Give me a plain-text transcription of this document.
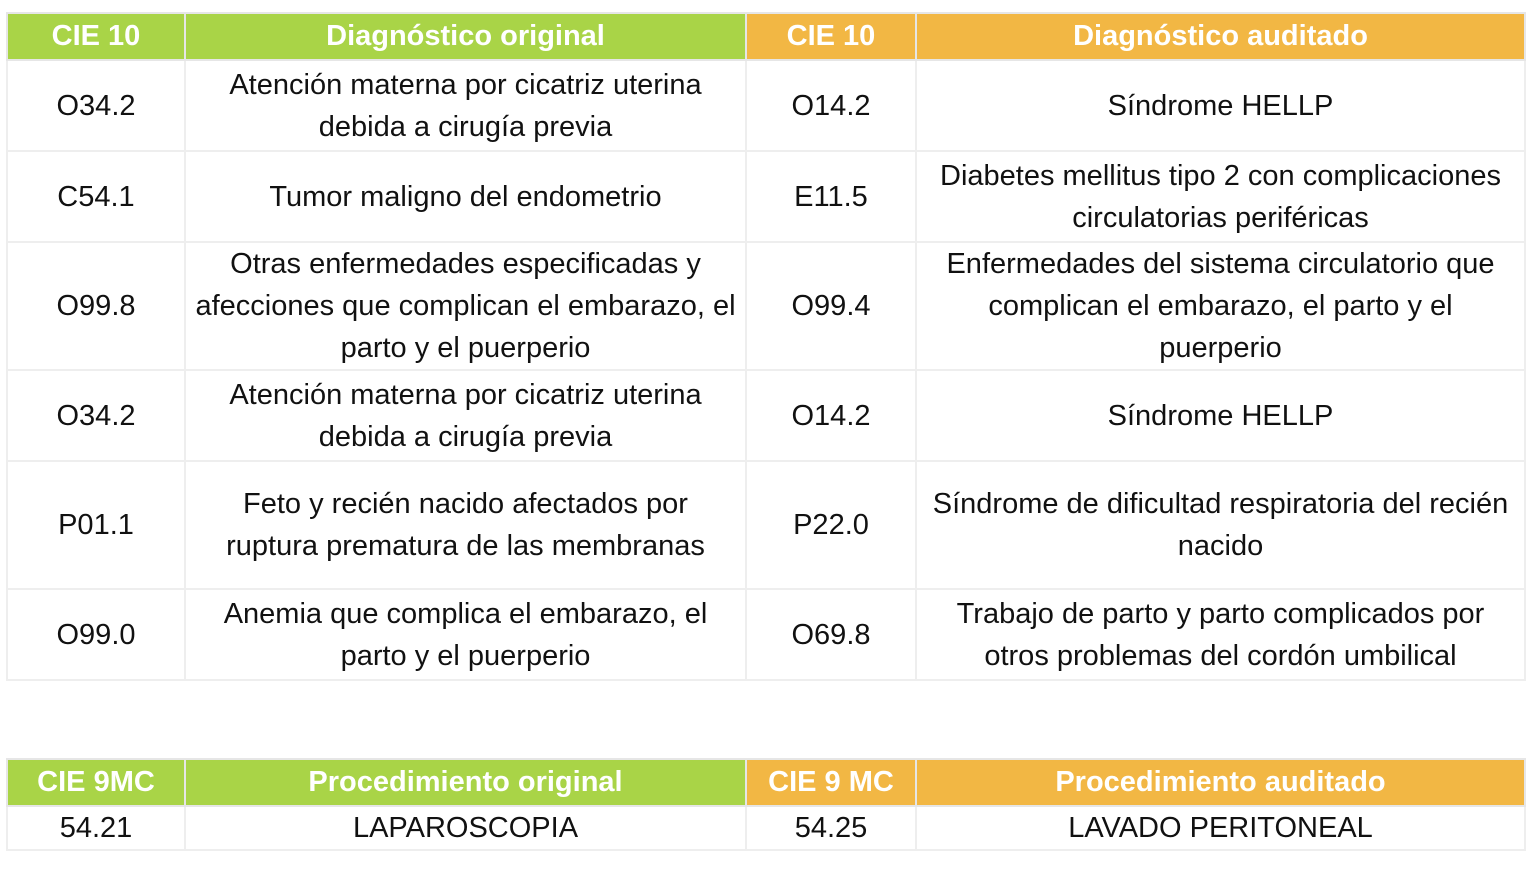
CIE 10	Diagnóstico original	CIE 10	Diagnóstico auditado
O34.2	Atención materna por cicatriz uterina debida a cirugía previa	O14.2	Síndrome HELLP
C54.1	Tumor maligno del endometrio	E11.5	Diabetes mellitus tipo 2 con complicaciones circulatorias periféricas
O99.8	Otras enfermedades especificadas y afecciones que complican el embarazo, el parto y el puerperio	O99.4	Enfermedades del sistema circulatorio que complican el embarazo, el parto y el puerperio
O34.2	Atención materna por cicatriz uterina debida a cirugía previa	O14.2	Síndrome HELLP
P01.1	Feto y recién nacido afectados por ruptura prematura de las membranas	P22.0	Síndrome de dificultad respiratoria del recién nacido
O99.0	Anemia que complica el embarazo, el parto y el puerperio	O69.8	Trabajo de parto y parto complicados por otros problemas del cordón umbilical
CIE 9MC	Procedimiento original	CIE 9 MC	Procedimiento auditado
54.21	LAPAROSCOPIA	54.25	LAVADO PERITONEAL
